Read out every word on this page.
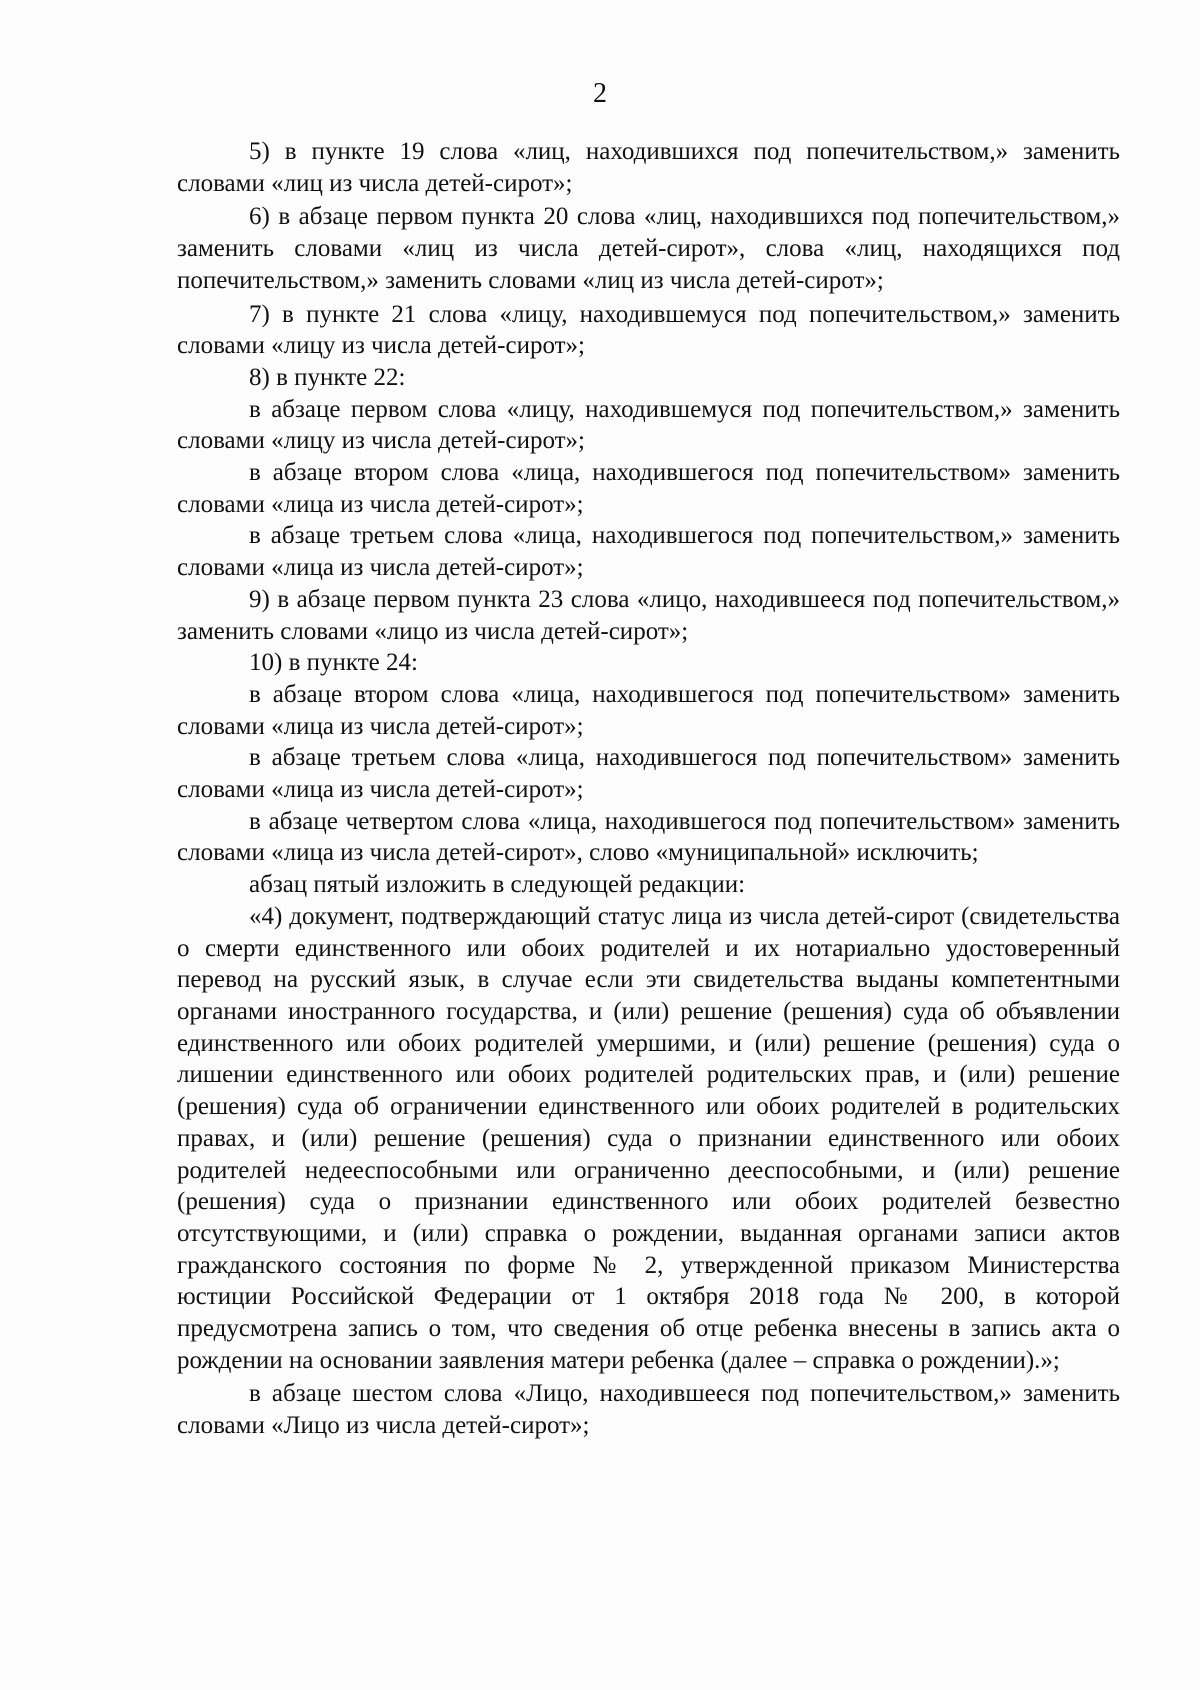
2

5) в пункте 19 слова «лиц, находившихся под попечительством,» заменить словами «лиц из числа детей-сирот»;

6) в абзаце первом пункта 20 слова «лиц, находившихся под попечительством,» заменить словами «лиц из числа детей-сирот», слова «лиц, находящихся под попечительством,» заменить словами «лиц из числа детей-сирот»;

7) в пункте 21 слова «лицу, находившемуся под попечительством,» заменить словами «лицу из числа детей-сирот»;

8) в пункте 22:

в абзаце первом слова «лицу, находившемуся под попечительством,» заменить словами «лицу из числа детей-сирот»;

в абзаце втором слова «лица, находившегося под попечительством» заменить словами «лица из числа детей-сирот»;

в абзаце третьем слова «лица, находившегося под попечительством,» заменить словами «лица из числа детей-сирот»;

9) в абзаце первом пункта 23 слова «лицо, находившееся под попечительством,» заменить словами «лицо из числа детей-сирот»;

10) в пункте 24:

в абзаце втором слова «лица, находившегося под попечительством» заменить словами «лица из числа детей-сирот»;

в абзаце третьем слова «лица, находившегося под попечительством» заменить словами «лица из числа детей-сирот»;

в абзаце четвертом слова «лица, находившегося под попечительством» заменить словами «лица из числа детей-сирот», слово «муниципальной» исключить;

абзац пятый изложить в следующей редакции:

«4) документ, подтверждающий статус лица из числа детей-сирот (свидетельства о смерти единственного или обоих родителей и их нотариально удостоверенный перевод на русский язык, в случае если эти свидетельства выданы компетентными органами иностранного государства, и (или) решение (решения) суда об объявлении единственного или обоих родителей умершими, и (или) решение (решения) суда о лишении единственного или обоих родителей родительских прав, и (или) решение (решения) суда об ограничении единственного или обоих родителей в родительских правах, и (или) решение (решения) суда о признании единственного или обоих родителей недееспособными или ограниченно дееспособными, и (или) решение (решения) суда о признании единственного или обоих родителей безвестно отсутствующими, и (или) справка о рождении, выданная органами записи актов гражданского состояния по форме № 2, утвержденной приказом Министерства юстиции Российской Федерации от 1 октября 2018 года № 200, в которой предусмотрена запись о том, что сведения об отце ребенка внесены в запись акта о рождении на основании заявления матери ребенка (далее – справка о рождении).»;

в абзаце шестом слова «Лицо, находившееся под попечительством,» заменить словами «Лицо из числа детей-сирот»;
